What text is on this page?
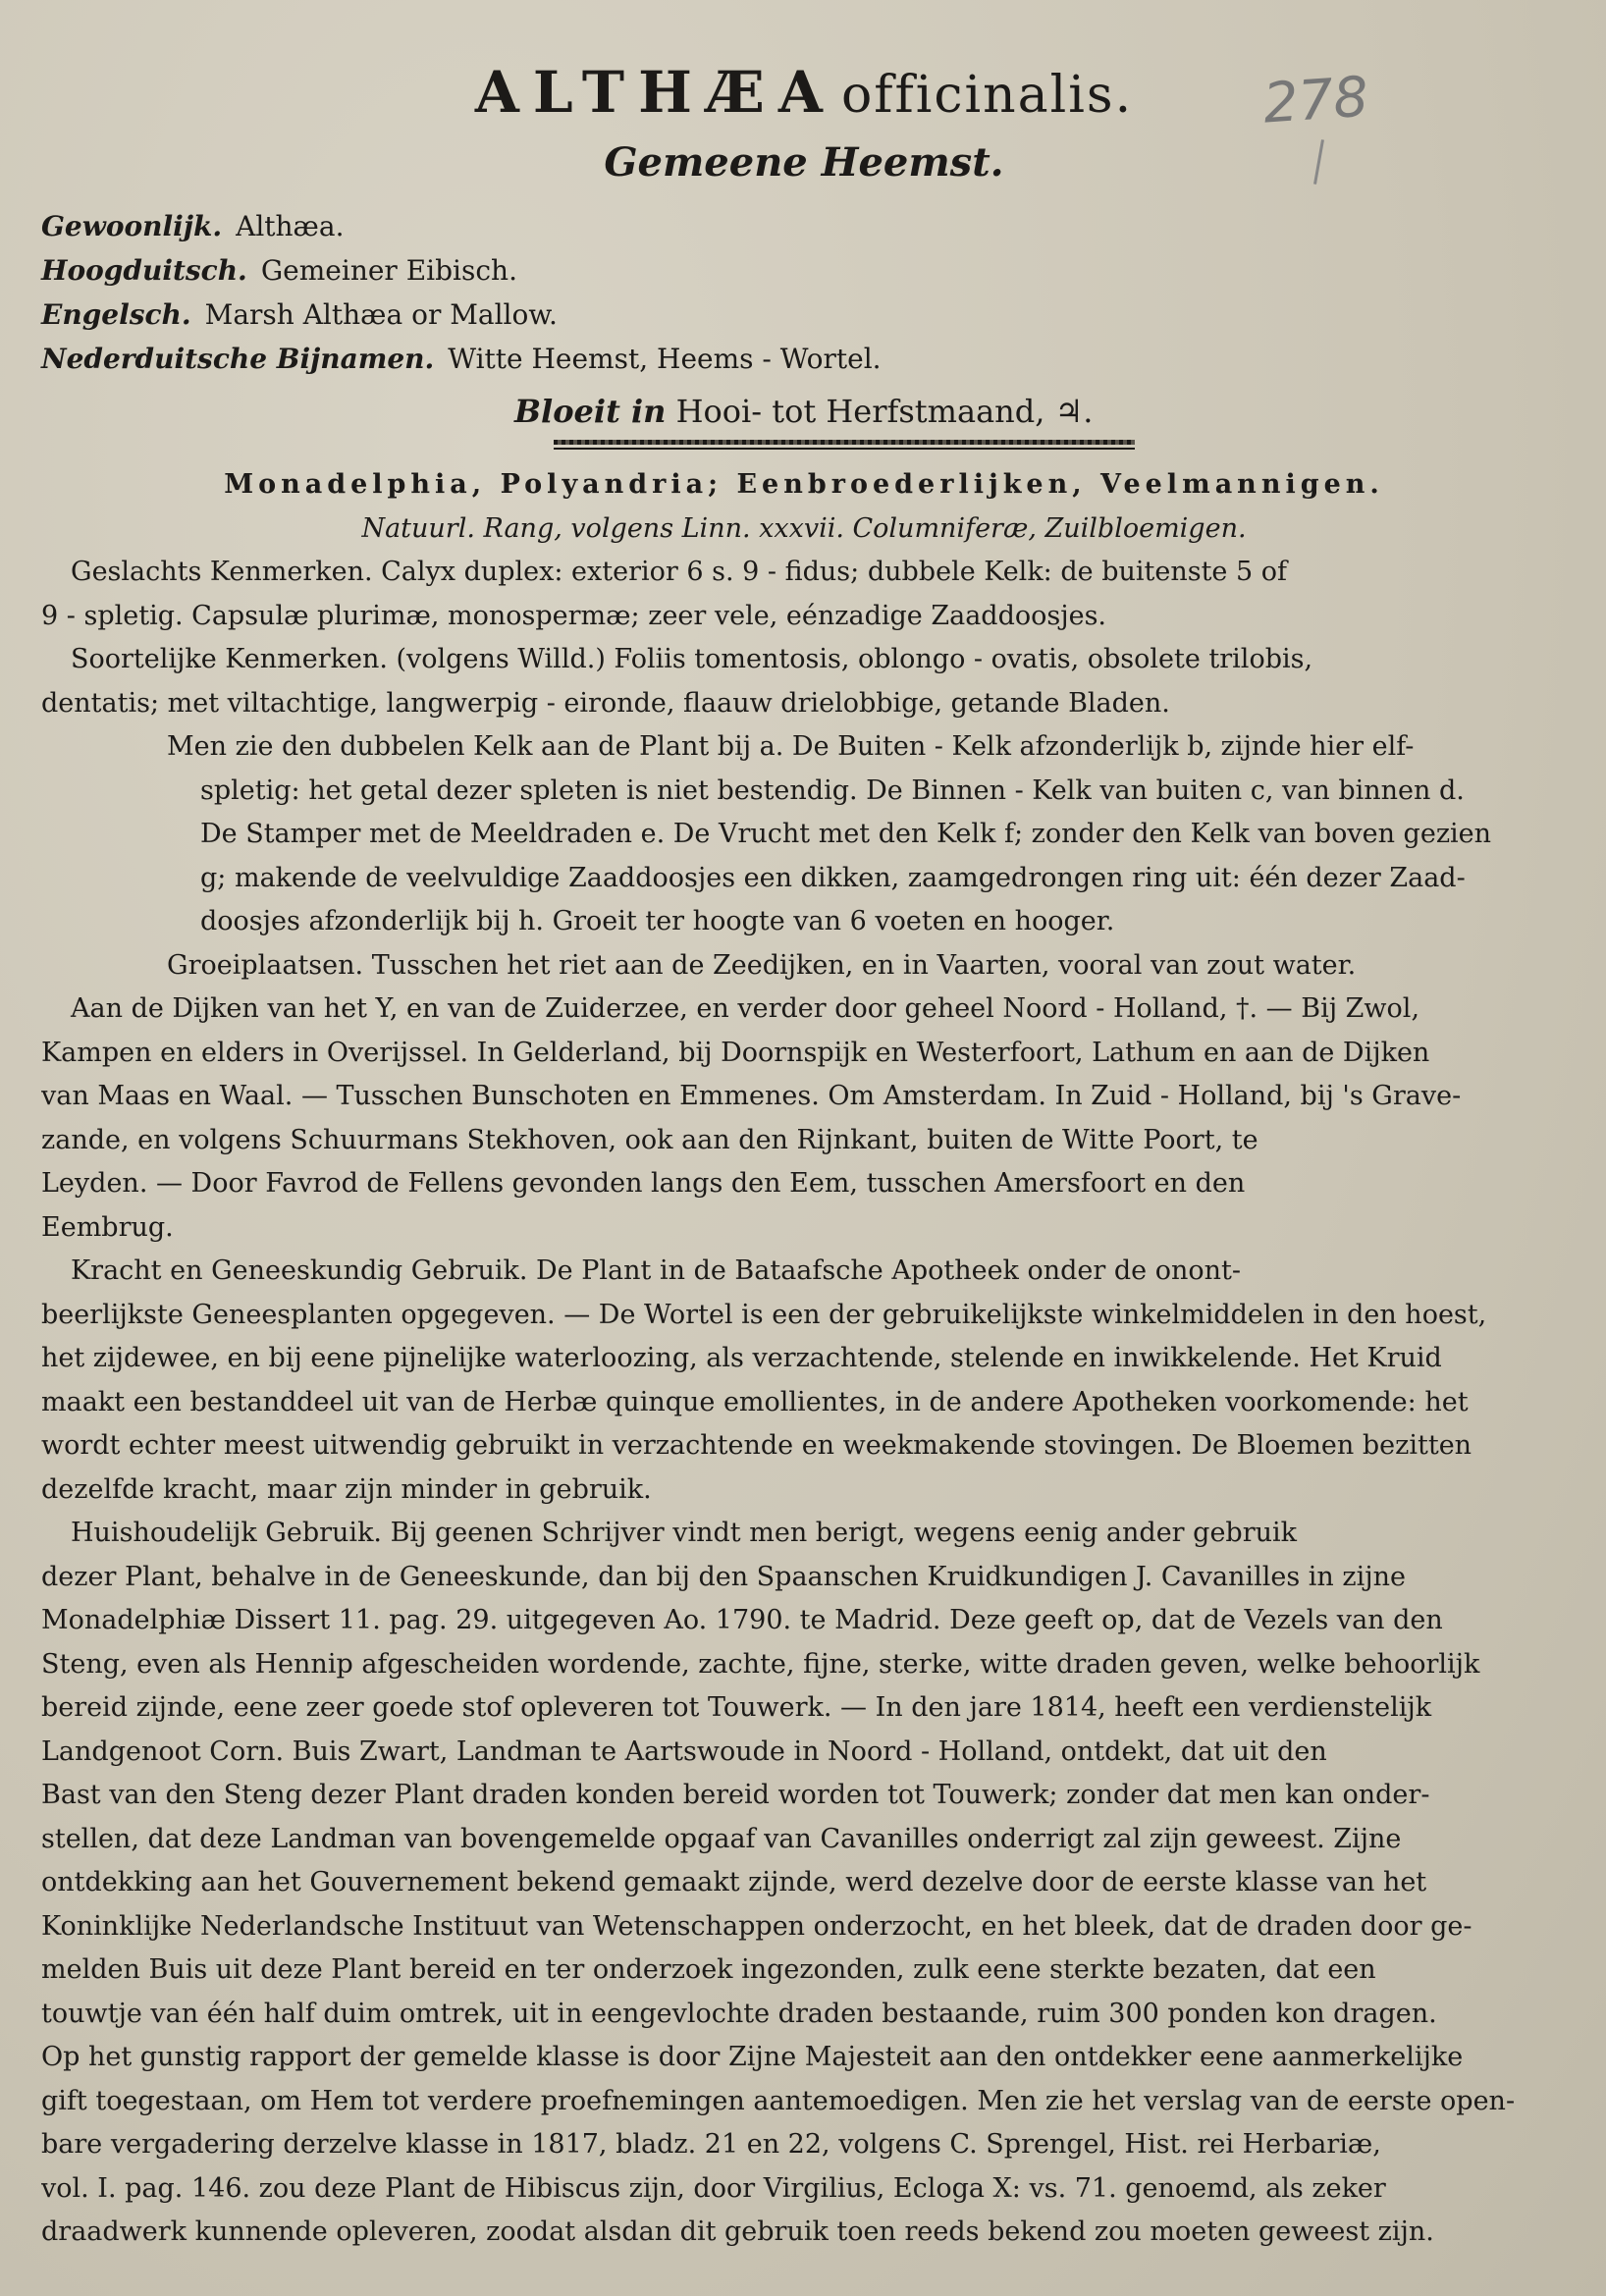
ALTHÆA officinalis. 278
Gemeene Heemst.
Gewoonlijk. Althæa.
Hoogduitsch. Gemeiner Eibisch.
Engelsch. Marsh Althæa or Mallow.
Nederduitsche Bijnamen. Witte Heemst, Heems - Wortel.
Bloeit in Hooi- tot Herfstmaand, ♃.
Monadelphia, Polyandria; Eenbroederlijken, Veelmannigen.
Natuurl. Rang, volgens Linn. xxxvii. Columniferæ, Zuilbloemigen.
Geslachts Kenmerken. Calyx duplex: exterior 6 s. 9 - fidus; dubbele Kelk: de buitenste 5 of
9 - spletig. Capsulæ plurimæ, monospermæ; zeer vele, eénzadige Zaaddoosjes.
Soortelijke Kenmerken. (volgens Willd.) Foliis tomentosis, oblongo - ovatis, obsolete trilobis,
dentatis; met viltachtige, langwerpig - eironde, flaauw drielobbige, getande Bladen.
Men zie den dubbelen Kelk aan de Plant bij a. De Buiten - Kelk afzonderlijk b, zijnde hier elf-
spletig: het getal dezer spleten is niet bestendig. De Binnen - Kelk van buiten c, van binnen d.
De Stamper met de Meeldraden e. De Vrucht met den Kelk f; zonder den Kelk van boven gezien
g; makende de veelvuldige Zaaddoosjes een dikken, zaamgedrongen ring uit: één dezer Zaad-
doosjes afzonderlijk bij h. Groeit ter hoogte van 6 voeten en hooger.
Groeiplaatsen. Tusschen het riet aan de Zeedijken, en in Vaarten, vooral van zout water.
Aan de Dijken van het Y, en van de Zuiderzee, en verder door geheel Noord - Holland, †. — Bij Zwol,
Kampen en elders in Overijssel. In Gelderland, bij Doornspijk en Westerfoort, Lathum en aan de Dijken
van Maas en Waal. — Tusschen Bunschoten en Emmenes. Om Amsterdam. In Zuid - Holland, bij 's Grave-
zande, en volgens Schuurmans Stekhoven, ook aan den Rijnkant, buiten de Witte Poort, te
Leyden. — Door Favrod de Fellens gevonden langs den Eem, tusschen Amersfoort en den
Eembrug.
Kracht en Geneeskundig Gebruik. De Plant in de Bataafsche Apotheek onder de onont-
beerlijkste Geneesplanten opgegeven. — De Wortel is een der gebruikelijkste winkelmiddelen in den hoest,
het zijdewee, en bij eene pijnelijke waterloozing, als verzachtende, stelende en inwikkelende. Het Kruid
maakt een bestanddeel uit van de Herbæ quinque emollientes, in de andere Apotheken voorkomende: het
wordt echter meest uitwendig gebruikt in verzachtende en weekmakende stovingen. De Bloemen bezitten
dezelfde kracht, maar zijn minder in gebruik.
Huishoudelijk Gebruik. Bij geenen Schrijver vindt men berigt, wegens eenig ander gebruik
dezer Plant, behalve in de Geneeskunde, dan bij den Spaanschen Kruidkundigen J. Cavanilles in zijne
Monadelphiæ Dissert 11. pag. 29. uitgegeven Ao. 1790. te Madrid. Deze geeft op, dat de Vezels van den
Steng, even als Hennip afgescheiden wordende, zachte, fijne, sterke, witte draden geven, welke behoorlijk
bereid zijnde, eene zeer goede stof opleveren tot Touwerk. — In den jare 1814, heeft een verdienstelijk
Landgenoot Corn. Buis Zwart, Landman te Aartswoude in Noord - Holland, ontdekt, dat uit den
Bast van den Steng dezer Plant draden konden bereid worden tot Touwerk; zonder dat men kan onder-
stellen, dat deze Landman van bovengemelde opgaaf van Cavanilles onderrigt zal zijn geweest. Zijne
ontdekking aan het Gouvernement bekend gemaakt zijnde, werd dezelve door de eerste klasse van het
Koninklijke Nederlandsche Instituut van Wetenschappen onderzocht, en het bleek, dat de draden door ge-
melden Buis uit deze Plant bereid en ter onderzoek ingezonden, zulk eene sterkte bezaten, dat een
touwtje van één half duim omtrek, uit in eengevlochte draden bestaande, ruim 300 ponden kon dragen.
Op het gunstig rapport der gemelde klasse is door Zijne Majesteit aan den ontdekker eene aanmerkelijke
gift toegestaan, om Hem tot verdere proefnemingen aantemoedigen. Men zie het verslag van de eerste open-
bare vergadering derzelve klasse in 1817, bladz. 21 en 22, volgens C. Sprengel, Hist. rei Herbariæ,
vol. I. pag. 146. zou deze Plant de Hibiscus zijn, door Virgilius, Ecloga X: vs. 71. genoemd, als zeker
draadwerk kunnende opleveren, zoodat alsdan dit gebruik toen reeds bekend zou moeten geweest zijn.
